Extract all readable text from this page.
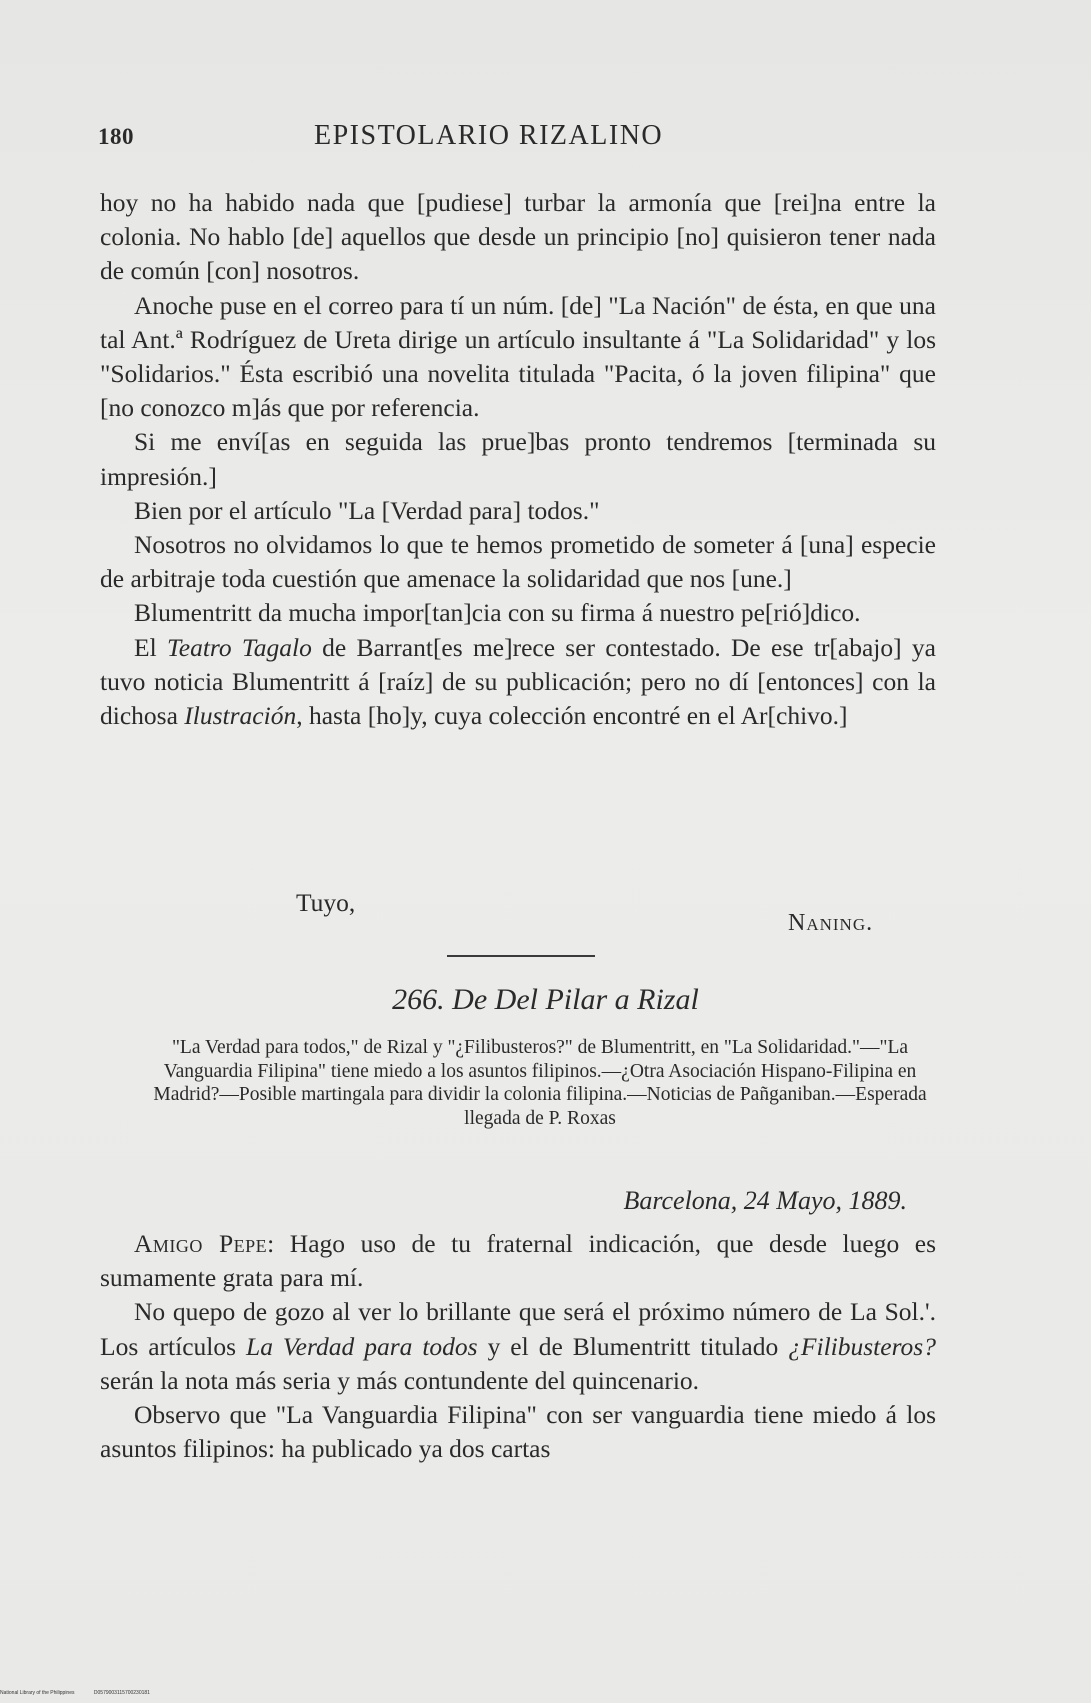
180	EPISTOLARIO RIZALINO

hoy no ha habido nada que [pudiese] turbar la armonía que [rei]na entre la colonia. No hablo [de] aquellos que desde un principio [no] quisieron tener nada de común [con] nosotros.

Anoche puse en el correo para tí un núm. [de] "La Nación" de ésta, en que una tal Ant.ª Rodríguez de Ureta dirige un artículo insultante á "La Solidaridad" y los "Solidarios." Ésta escribió una novelita titulada "Pacita, ó la joven filipina" que [no conozco m]ás que por referencia.

Si me enví[as en seguida las prue]bas pronto tendremos [terminada su impresión.]

Bien por el artículo "La [Verdad para] todos."

Nosotros no olvidamos lo que te hemos prometido de someter á [una] especie de arbitraje toda cuestión que amenace la solidaridad que nos [une.]

Blumentritt da mucha impor[tan]cia con su firma á nuestro pe[rió]dico.

El Teatro Tagalo de Barrant[es me]rece ser contestado. De ese tr[abajo] ya tuvo noticia Blumentritt á [raíz] de su publicación; pero no dí [entonces] con la dichosa Ilustración, hasta [ho]y, cuya colección encontré en el Ar[chivo.]

Tuyo,
Naning.
266. De Del Pilar a Rizal
"La Verdad para todos," de Rizal y "¿Filibusteros?" de Blumentritt, en "La Solidaridad."—"La Vanguardia Filipina" tiene miedo a los asuntos filipinos.—¿Otra Asociación Hispano-Filipina en Madrid?—Posible martingala para dividir la colonia filipina.—Noticias de Pañganiban.—Esperada llegada de P. Roxas
Barcelona, 24 Mayo, 1889.

Amigo Pepe: Hago uso de tu fraternal indicación, que desde luego es sumamente grata para mí.

No quepo de gozo al ver lo brillante que será el próximo número de La Sol.'. Los artículos La Verdad para todos y el de Blumentritt titulado ¿Filibusteros? serán la nota más seria y más contundente del quincenario.

Observo que "La Vanguardia Filipina" con ser vanguardia tiene miedo á los asuntos filipinos: ha publicado ya dos cartas

National Library of the Philippines	D0579003115700230181
